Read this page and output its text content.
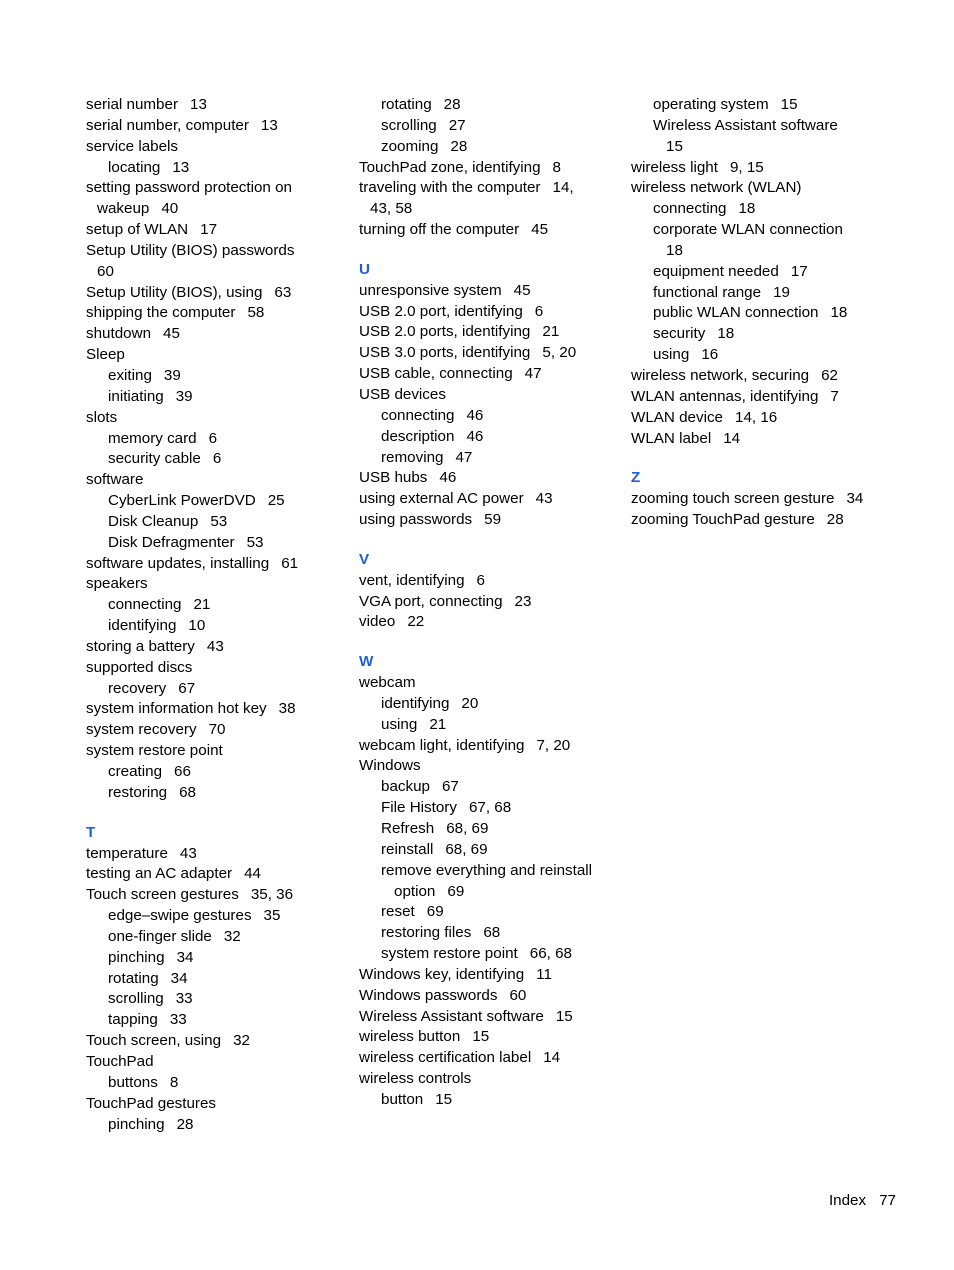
serial number 13
serial number, computer 13
service labels
locating 13
setting password protection on
wakeup 40
setup of WLAN 17
Setup Utility (BIOS) passwords
60
Setup Utility (BIOS), using 63
shipping the computer 58
shutdown 45
Sleep
exiting 39
initiating 39
slots
memory card 6
security cable 6
software
CyberLink PowerDVD 25
Disk Cleanup 53
Disk Defragmenter 53
software updates, installing 61
speakers
connecting 21
identifying 10
storing a battery 43
supported discs
recovery 67
system information hot key 38
system recovery 70
system restore point
creating 66
restoring 68
T
temperature 43
testing an AC adapter 44
Touch screen gestures 35, 36
edge–swipe gestures 35
one-finger slide 32
pinching 34
rotating 34
scrolling 33
tapping 33
Touch screen, using 32
TouchPad
buttons 8
TouchPad gestures
pinching 28
rotating 28
scrolling 27
zooming 28
TouchPad zone, identifying 8
traveling with the computer 14,
43, 58
turning off the computer 45
U
unresponsive system 45
USB 2.0 port, identifying 6
USB 2.0 ports, identifying 21
USB 3.0 ports, identifying 5, 20
USB cable, connecting 47
USB devices
connecting 46
description 46
removing 47
USB hubs 46
using external AC power 43
using passwords 59
V
vent, identifying 6
VGA port, connecting 23
video 22
W
webcam
identifying 20
using 21
webcam light, identifying 7, 20
Windows
backup 67
File History 67, 68
Refresh 68, 69
reinstall 68, 69
remove everything and reinstall
option 69
reset 69
restoring files 68
system restore point 66, 68
Windows key, identifying 11
Windows passwords 60
Wireless Assistant software 15
wireless button 15
wireless certification label 14
wireless controls
button 15
operating system 15
Wireless Assistant software
15
wireless light 9, 15
wireless network (WLAN)
connecting 18
corporate WLAN connection
18
equipment needed 17
functional range 19
public WLAN connection 18
security 18
using 16
wireless network, securing 62
WLAN antennas, identifying 7
WLAN device 14, 16
WLAN label 14
Z
zooming touch screen gesture 34
zooming TouchPad gesture 28
Index 77
